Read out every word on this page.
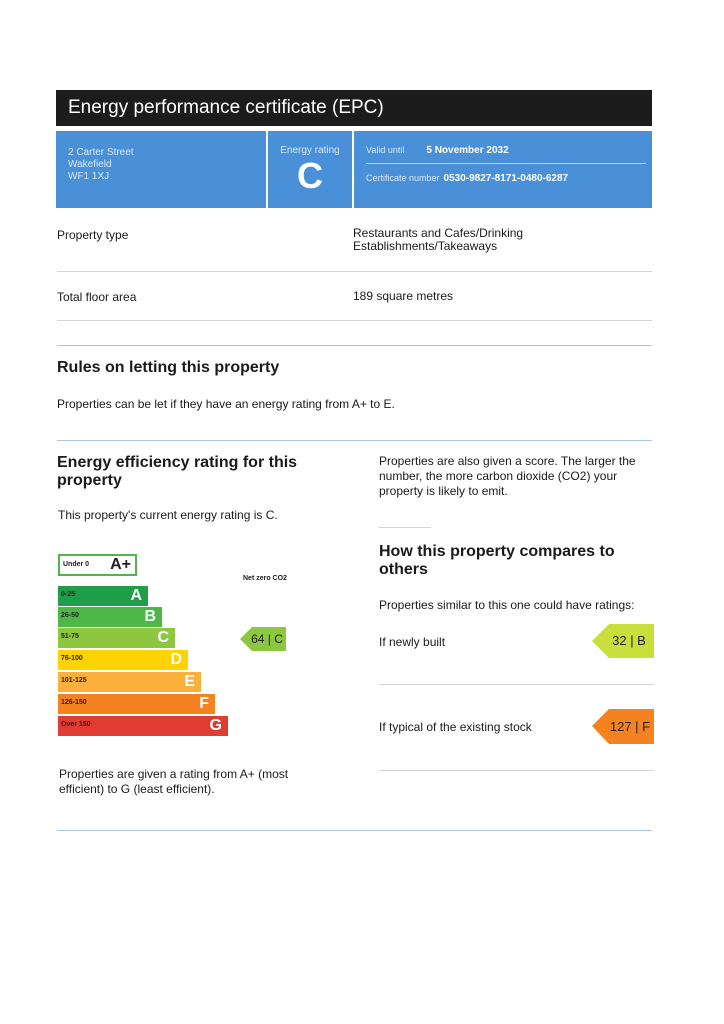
Energy performance certificate (EPC)
2 Carter Street
Wakefield
WF1 1XJ
Energy rating
C
Valid until 5 November 2032
Certificate number 0530-9827-8171-0480-6287
Property type	Restaurants and Cafes/Drinking Establishments/Takeaways
Total floor area	189 square metres
Rules on letting this property
Properties can be let if they have an energy rating from A+ to E.
Energy efficiency rating for this property
This property's current energy rating is C.
Properties are also given a score. The larger the number, the more carbon dioxide (CO2) your property is likely to emit.
Under 0 A+
Net zero CO2
0-25	A
26-50	B
51-75	C
76-100	D
101-125	E
126-150	F
Over 150	G
64 | C
Properties are given a rating from A+ (most efficient) to G (least efficient).
How this property compares to others
Properties similar to this one could have ratings:
If newly built	32 | B
If typical of the existing stock	127 | F
